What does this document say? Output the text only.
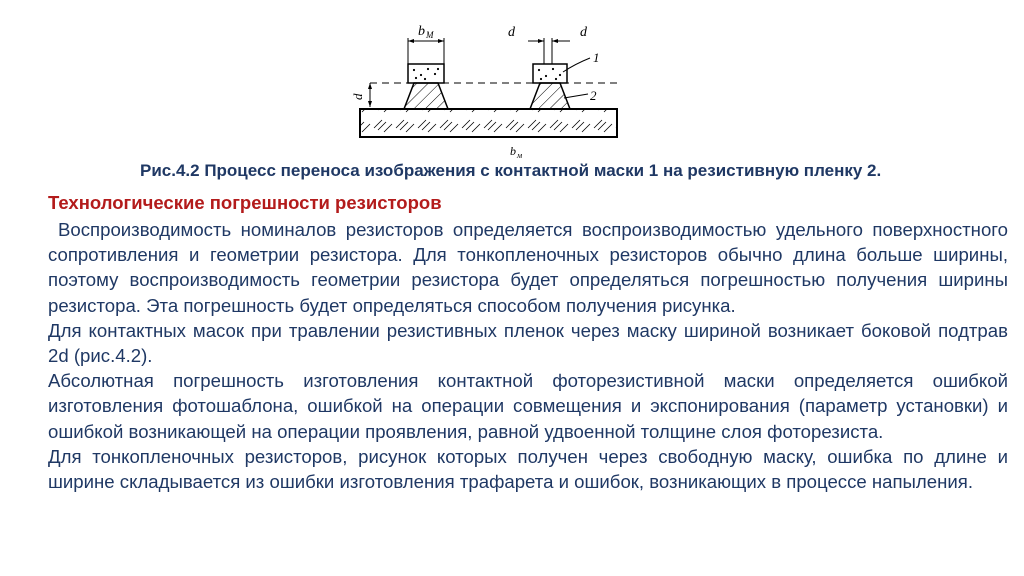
b М	d	d
d
1
2
b м
Рис.4.2 Процесс переноса изображения с контактной маски 1 на резистивную пленку 2.
Технологические погрешности резисторов

Воспроизводимость номиналов резисторов определяется воспроизводимостью удельного поверхностного сопротивления и геометрии резистора. Для тонкопленочных резисторов обычно длина больше ширины, поэтому воспроизводимость геометрии резистора будет определяться погрешностью получения ширины резистора. Эта погрешность будет определяться способом получения рисунка.

Для контактных масок при травлении резистивных пленок через маску шириной возникает боковой подтрав 2d (рис.4.2).

Абсолютная погрешность изготовления контактной фоторезистивной маски определяется ошибкой изготовления фотошаблона, ошибкой на операции совмещения и экспонирования (параметр установки) и ошибкой возникающей на операции проявления, равной удвоенной толщине слоя фоторезиста.

Для тонкопленочных резисторов, рисунок которых получен через свободную маску, ошибка по длине и ширине складывается из ошибки изготовления трафарета и ошибок, возникающих в процессе напыления.
